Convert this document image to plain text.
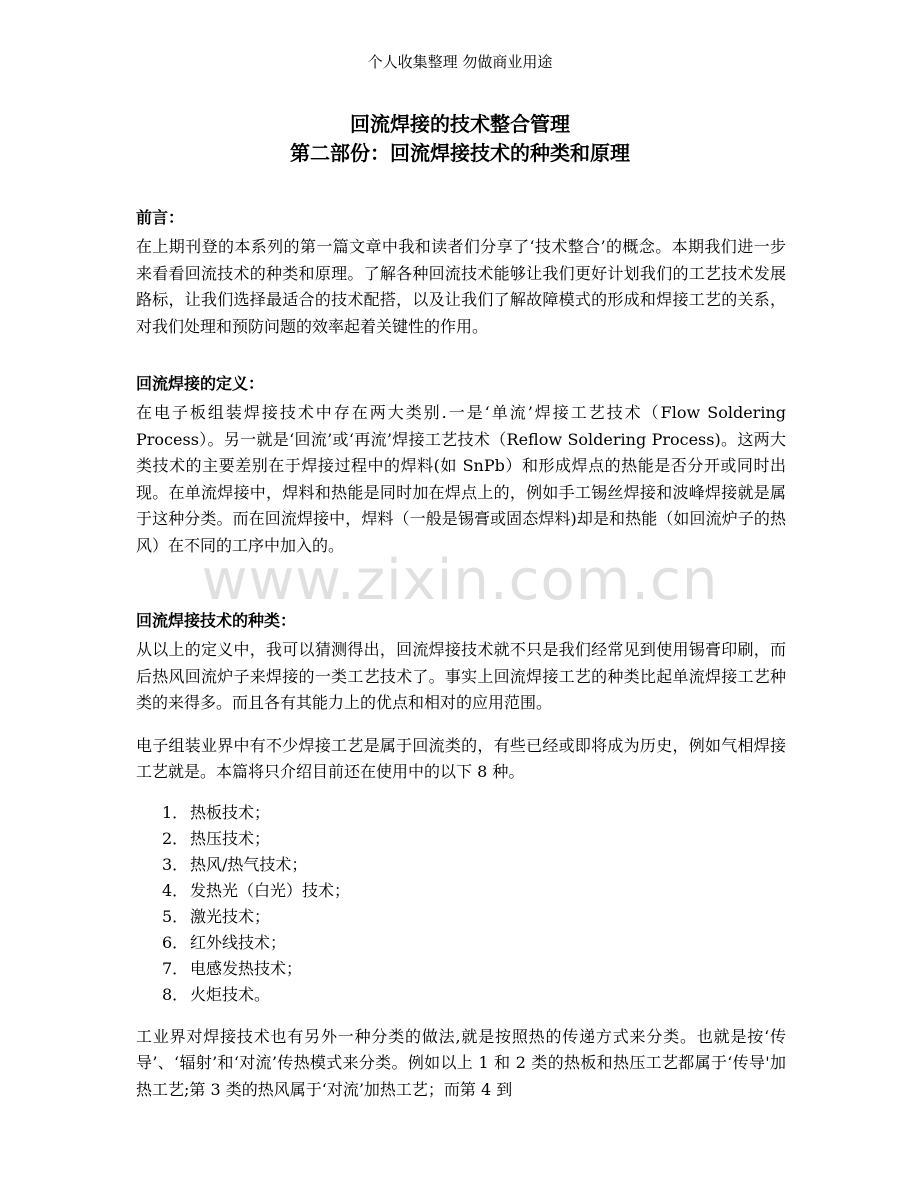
个人收集整理 勿做商业用途
回流焊接的技术整合管理
第二部份：回流焊接技术的种类和原理

前言：

在上期刊登的本系列的第一篇文章中我和读者们分享了‘技术整合’的概念。本期我们进一步来看看回流技术的种类和原理。了解各种回流技术能够让我们更好计划我们的工艺技术发展路标，让我们选择最适合的技术配搭，以及让我们了解故障模式的形成和焊接工艺的关系，对我们处理和预防问题的效率起着关键性的作用。

回流焊接的定义：

在电子板组装焊接技术中存在两大类别.一是‘单流’焊接工艺技术（Flow Soldering Process）。另一就是‘回流’或‘再流’焊接工艺技术（Reflow Soldering Process)。这两大类技术的主要差别在于焊接过程中的焊料(如 SnPb）和形成焊点的热能是否分开或同时出现。在单流焊接中，焊料和热能是同时加在焊点上的，例如手工锡丝焊接和波峰焊接就是属于这种分类。而在回流焊接中，焊料（一般是锡膏或固态焊料)却是和热能（如回流炉子的热风）在不同的工序中加入的。

回流焊接技术的种类：

从以上的定义中，我可以猜测得出，回流焊接技术就不只是我们经常见到使用锡膏印刷，而后热风回流炉子来焊接的一类工艺技术了。事实上回流焊接工艺的种类比起单流焊接工艺种类的来得多。而且各有其能力上的优点和相对的应用范围。

电子组装业界中有不少焊接工艺是属于回流类的，有些已经或即将成为历史，例如气相焊接工艺就是。本篇将只介绍目前还在使用中的以下 8 种。

1． 热板技术；
2． 热压技术；
3． 热风/热气技术；
4． 发热光（白光）技术；
5． 激光技术；
6． 红外线技术；
7． 电感发热技术；
8． 火炬技术。

工业界对焊接技术也有另外一种分类的做法,就是按照热的传递方式来分类。也就是按‘传导’、‘辐射’和‘对流’传热模式来分类。例如以上 1 和 2 类的热板和热压工艺都属于‘传导'加热工艺;第 3 类的热风属于‘对流’加热工艺；而第 4 到

www.zixin.com.cn
